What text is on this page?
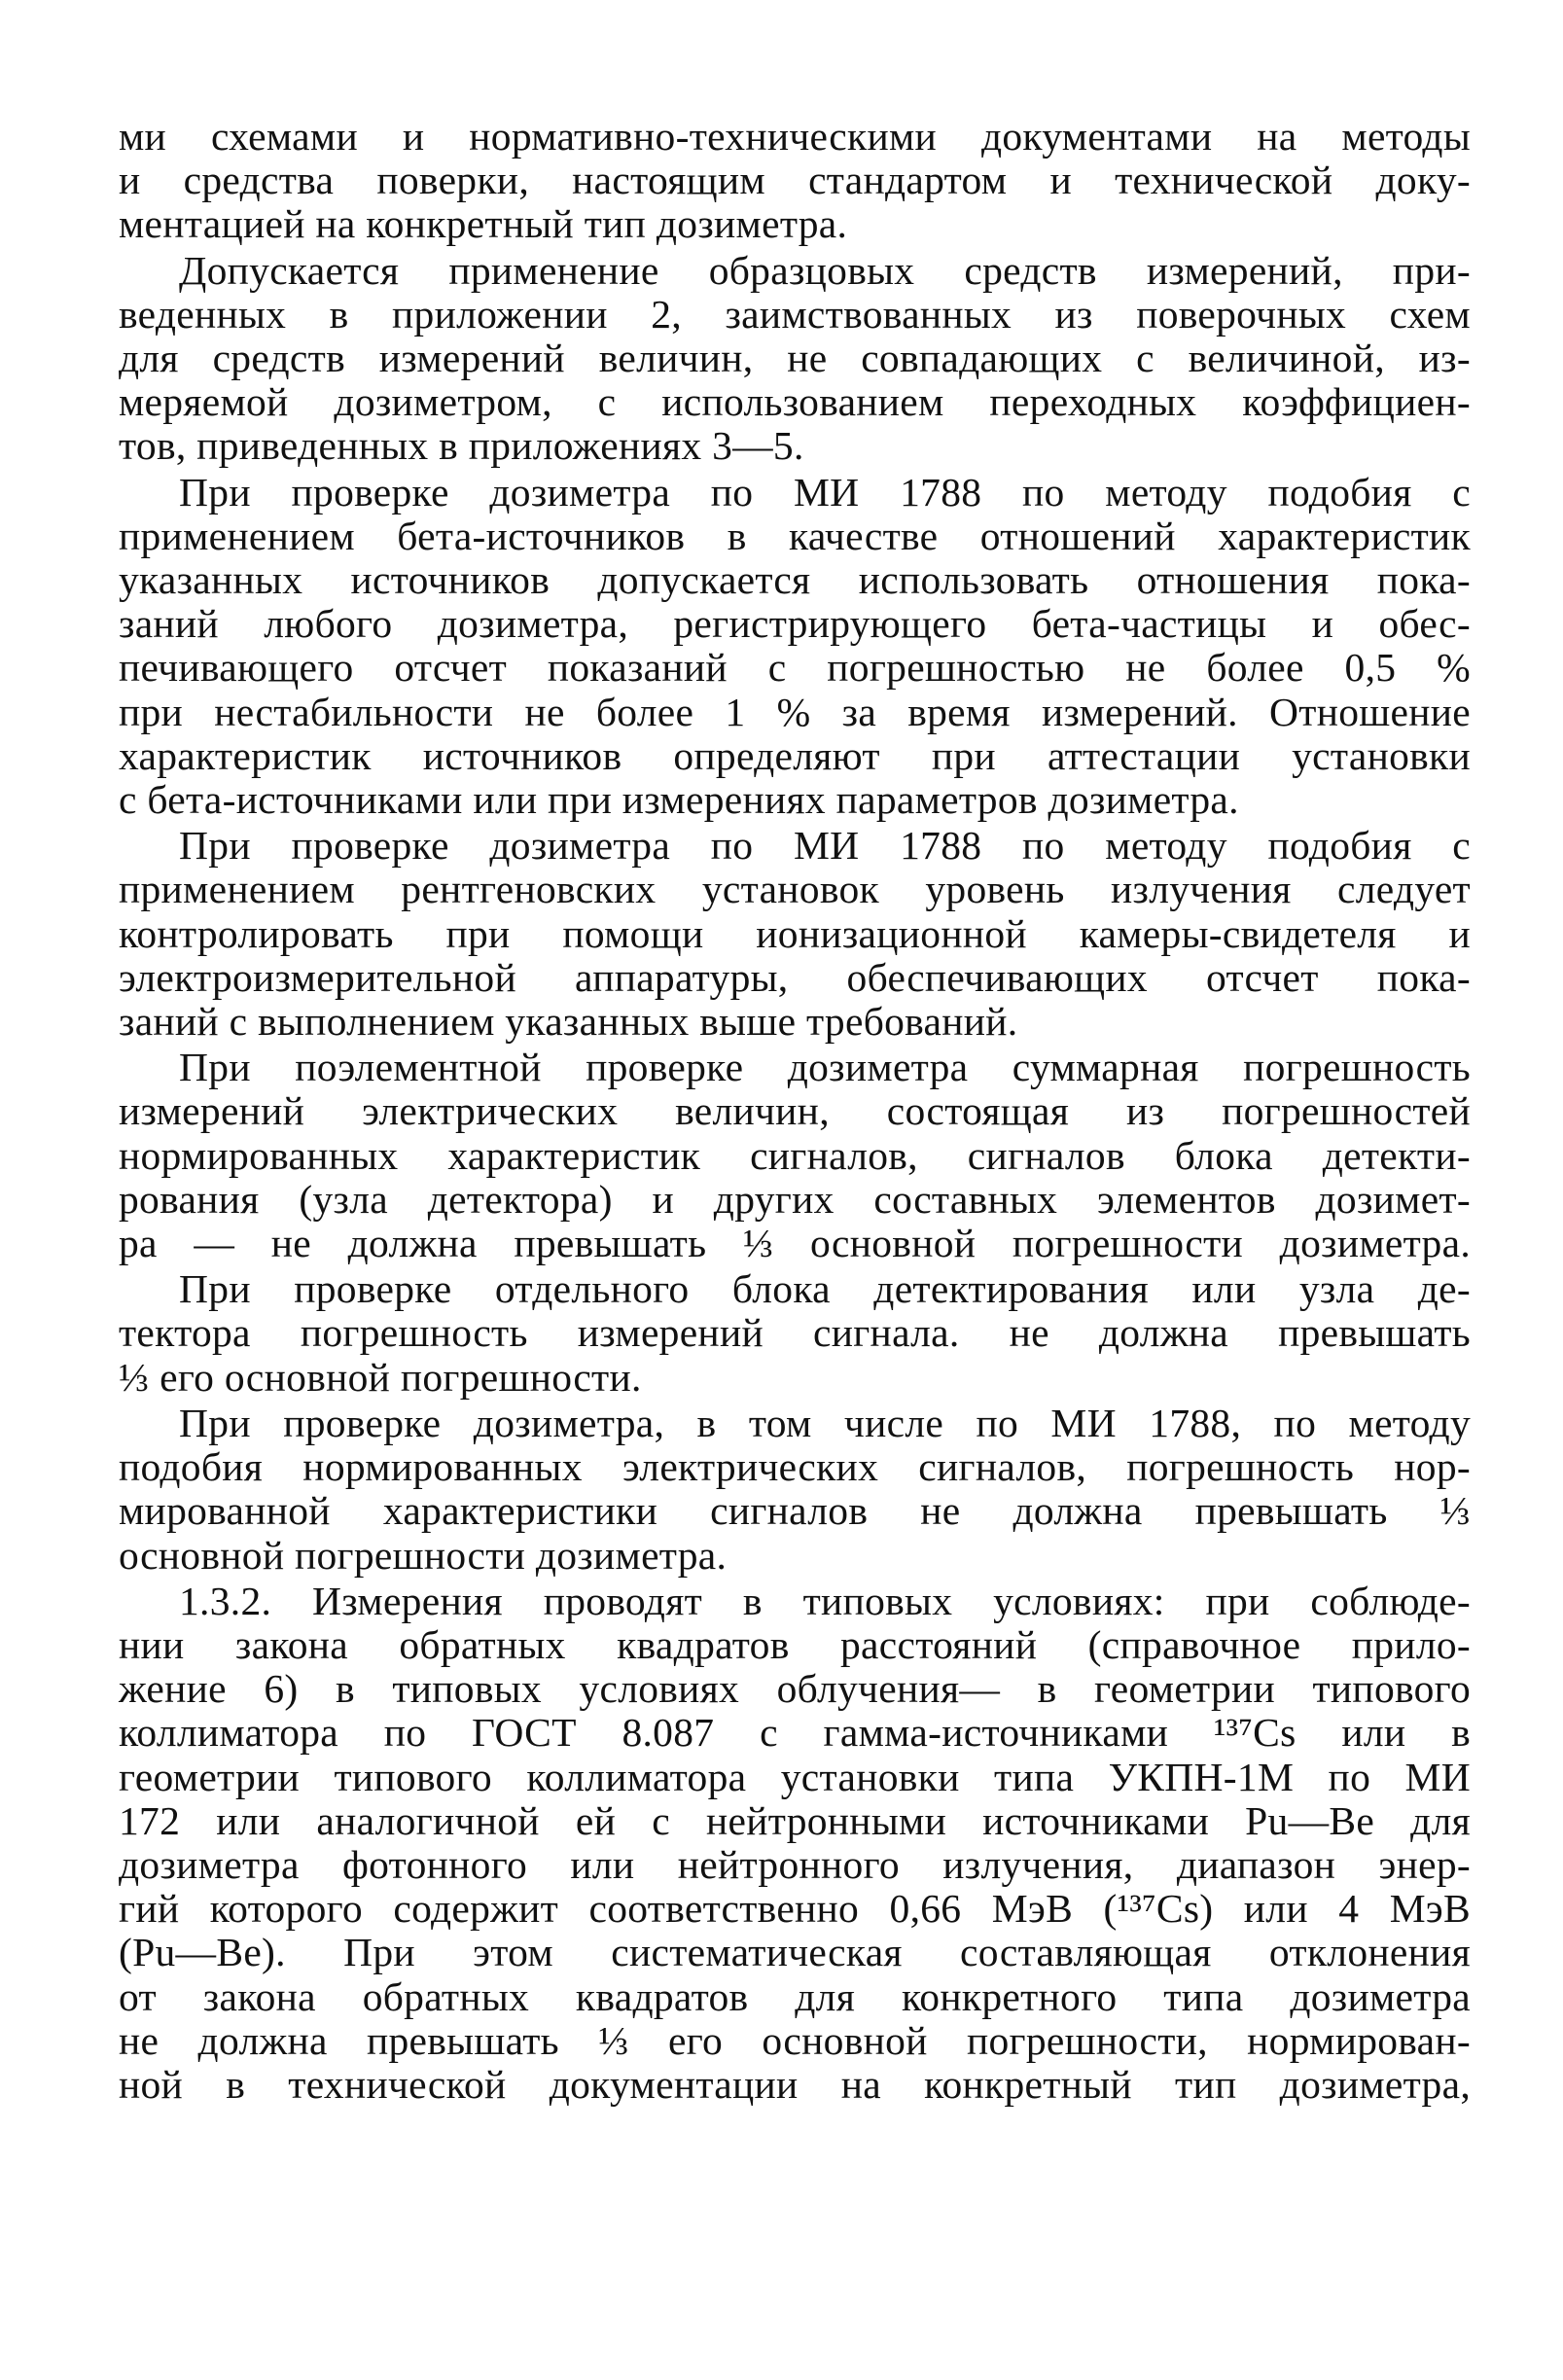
ми схемами и нормативно-техническими документами на методы
и средства поверки, настоящим стандартом и технической доку-
ментацией на конкретный тип дозиметра.
Допускается применение образцовых средств измерений, при-
веденных в приложении 2, заимствованных из поверочных схем
для средств измерений величин, не совпадающих с величиной, из-
меряемой дозиметром, с использованием переходных коэффициен-
тов, приведенных в приложениях 3—5.
При проверке дозиметра по МИ 1788 по методу подобия с
применением бета-источников в качестве отношений характеристик
указанных источников допускается использовать отношения пока-
заний любого дозиметра, регистрирующего бета-частицы и обес-
печивающего отсчет показаний с погрешностью не более 0,5 %
при нестабильности не более 1 % за время измерений. Отношение
характеристик источников определяют при аттестации установки
с бета-источниками или при измерениях параметров дозиметра.
При проверке дозиметра по МИ 1788 по методу подобия с
применением рентгеновских установок уровень излучения следует
контролировать при помощи ионизационной камеры-свидетеля и
электроизмерительной аппаратуры, обеспечивающих отсчет пока-
заний с выполнением указанных выше требований.
При поэлементной проверке дозиметра суммарная погрешность
измерений электрических величин, состоящая из погрешностей
нормированных характеристик сигналов, сигналов блока детекти-
рования (узла детектора) и других составных элементов дозимет-
ра — не должна превышать ⅓ основной погрешности дозиметра.
При проверке отдельного блока детектирования или узла де-
тектора погрешность измерений сигнала. не должна превышать
⅓ его основной погрешности.
При проверке дозиметра, в том числе по МИ 1788, по методу
подобия нормированных электрических сигналов, погрешность нор-
мированной характеристики сигналов не должна превышать ⅓
основной погрешности дозиметра.
1.3.2. Измерения проводят в типовых условиях: при соблюде-
нии закона обратных квадратов расстояний (справочное прило-
жение 6) в типовых условиях облучения— в геометрии типового
коллиматора по ГОСТ 8.087 с гамма-источниками ¹³⁷Cs или в
геометрии типового коллиматора установки типа УКПН-1М по МИ
172 или аналогичной ей с нейтронными источниками Pu—Be для
дозиметра фотонного или нейтронного излучения, диапазон энер-
гий которого содержит соответственно 0,66 МэВ (¹³⁷Cs) или 4 МэВ
(Pu—Be). При этом систематическая составляющая отклонения
от закона обратных квадратов для конкретного типа дозиметра
не должна превышать ⅓ его основной погрешности, нормирован-
ной в технической документации на конкретный тип дозиметра,
